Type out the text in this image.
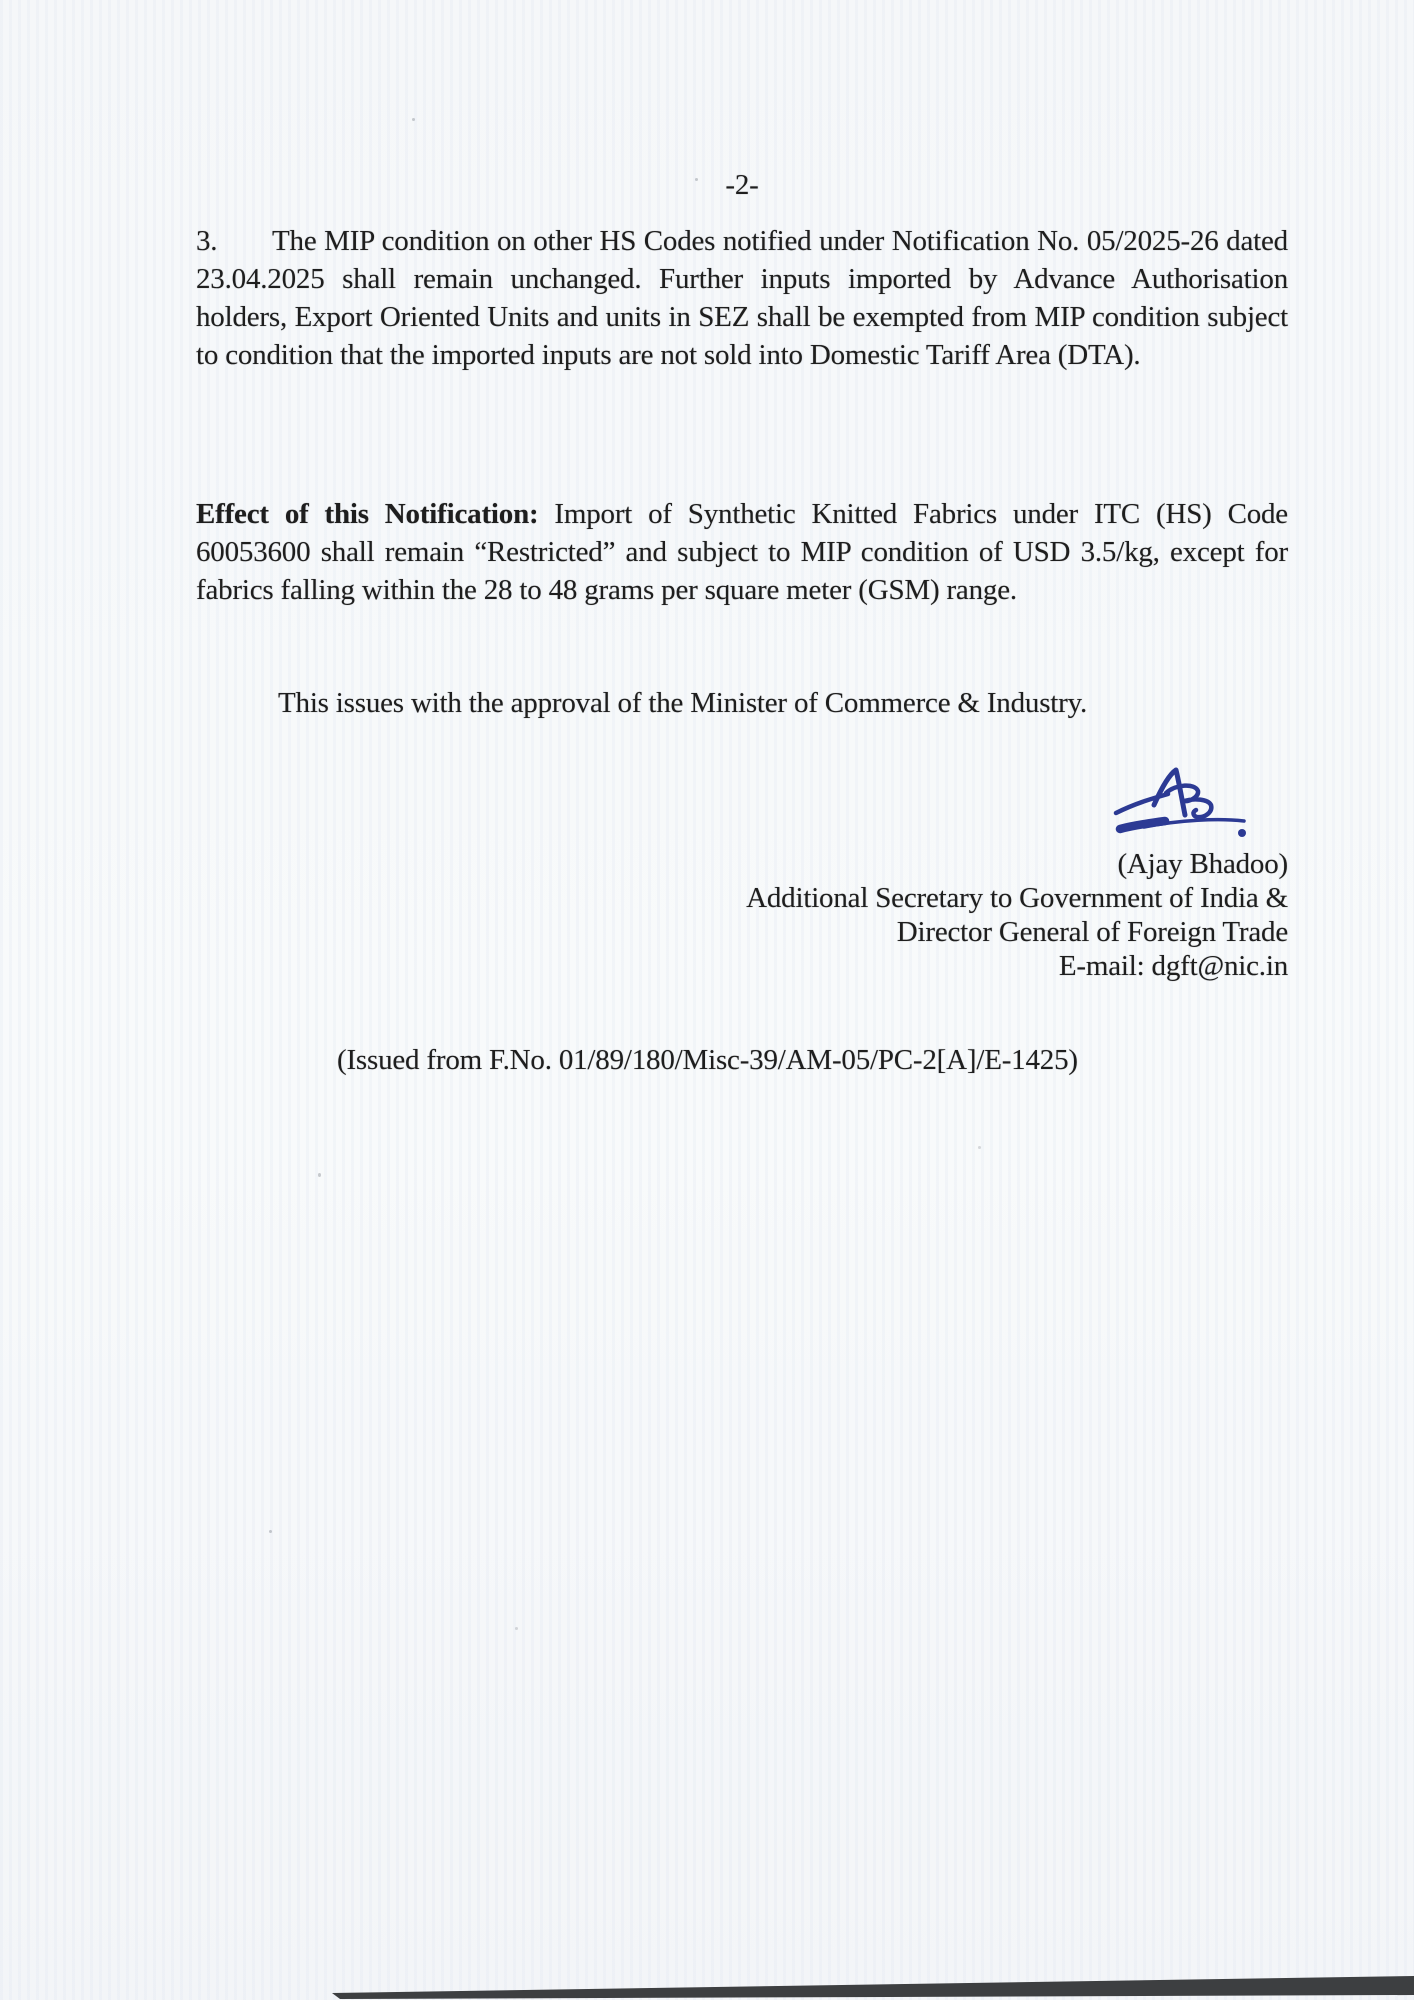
-2-

3. The MIP condition on other HS Codes notified under Notification No. 05/2025-26 dated 23.04.2025 shall remain unchanged. Further inputs imported by Advance Authorisation holders, Export Oriented Units and units in SEZ shall be exempted from MIP condition subject to condition that the imported inputs are not sold into Domestic Tariff Area (DTA).

Effect of this Notification: Import of Synthetic Knitted Fabrics under ITC (HS) Code 60053600 shall remain “Restricted” and subject to MIP condition of USD 3.5/kg, except for fabrics falling within the 28 to 48 grams per square meter (GSM) range.

This issues with the approval of the Minister of Commerce & Industry.

(Ajay Bhadoo)
Additional Secretary to Government of India &
Director General of Foreign Trade
E-mail: dgft@nic.in

(Issued from F.No. 01/89/180/Misc-39/AM-05/PC-2[A]/E-1425)
